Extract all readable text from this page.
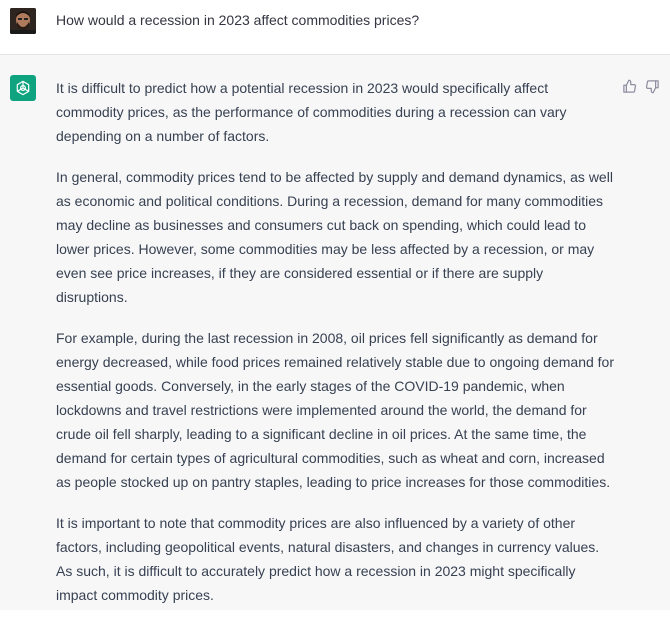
How would a recession in 2023 affect commodities prices?

It is difficult to predict how a potential recession in 2023 would specifically affect
commodity prices, as the performance of commodities during a recession can vary
depending on a number of factors.

In general, commodity prices tend to be affected by supply and demand dynamics, as well
as economic and political conditions. During a recession, demand for many commodities
may decline as businesses and consumers cut back on spending, which could lead to
lower prices. However, some commodities may be less affected by a recession, or may
even see price increases, if they are considered essential or if there are supply
disruptions.

For example, during the last recession in 2008, oil prices fell significantly as demand for
energy decreased, while food prices remained relatively stable due to ongoing demand for
essential goods. Conversely, in the early stages of the COVID-19 pandemic, when
lockdowns and travel restrictions were implemented around the world, the demand for
crude oil fell sharply, leading to a significant decline in oil prices. At the same time, the
demand for certain types of agricultural commodities, such as wheat and corn, increased
as people stocked up on pantry staples, leading to price increases for those commodities.

It is important to note that commodity prices are also influenced by a variety of other
factors, including geopolitical events, natural disasters, and changes in currency values.
As such, it is difficult to accurately predict how a recession in 2023 might specifically
impact commodity prices.
